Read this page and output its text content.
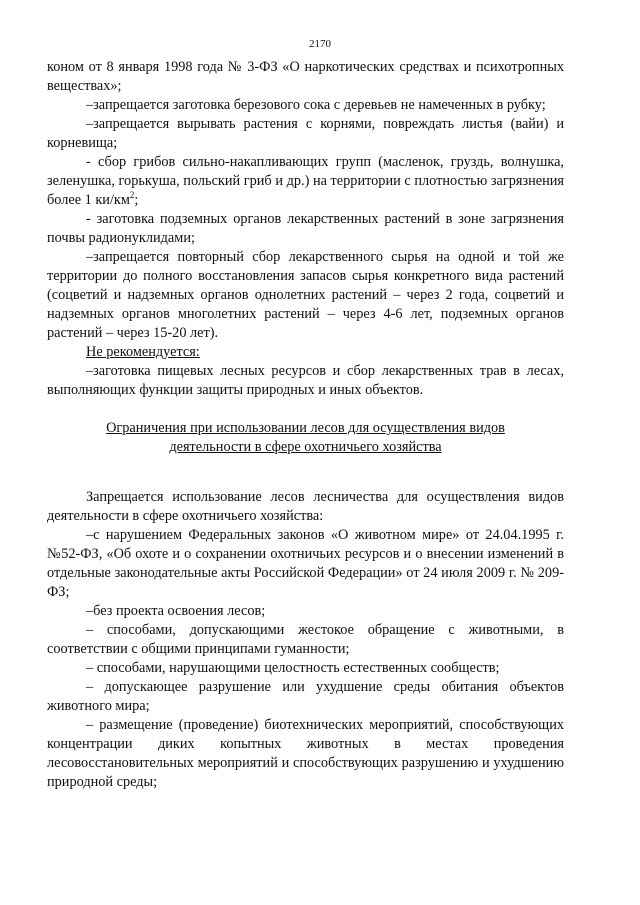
2170

коном от 8 января 1998 года № 3-ФЗ «О наркотических средствах и психотропных веществах»;

–запрещается заготовка березового сока с деревьев не намеченных в рубку;

–запрещается вырывать растения с корнями, повреждать листья (вайи) и корневища;

- сбор грибов сильно-накапливающих групп (масленок, груздь, волнушка, зеленушка, горькуша, польский гриб и др.) на территории с плотностью загрязнения более 1 $ки/км^2$;

- заготовка подземных органов лекарственных растений в зоне загрязнения почвы радионуклидами;

–запрещается повторный сбор лекарственного сырья на одной и той же территории до полного восстановления запасов сырья конкретного вида растений (соцветий и надземных органов однолетних растений – через 2 года, соцветий и надземных органов многолетних растений – через 4-6 лет, подземных органов растений – через 15-20 лет).

Не рекомендуется:

–заготовка пищевых лесных ресурсов и сбор лекарственных трав в лесах, выполняющих функции защиты природных и иных объектов.

Ограничения при использовании лесов для осуществления видов

деятельности в сфере охотничьего хозяйства

Запрещается использование лесов лесничества для осуществления видов деятельности в сфере охотничьего хозяйства:

–с нарушением Федеральных законов «О животном мире» от 24.04.1995 г. №52-ФЗ, «Об охоте и о сохранении охотничьих ресурсов и о внесении изменений в отдельные законодательные акты Российской Федерации» от 24 июля 2009 г. № 209-ФЗ;

–без проекта освоения лесов;

– способами, допускающими жестокое обращение с животными, в соответствии с общими принципами гуманности;

– способами, нарушающими целостность естественных сообществ;

– допускающее разрушение или ухудшение среды обитания объектов животного мира;

– размещение (проведение) биотехнических мероприятий, способствующих концентрации диких копытных животных в местах проведения лесовосстановительных мероприятий и способствующих разрушению и ухудшению природной среды;
